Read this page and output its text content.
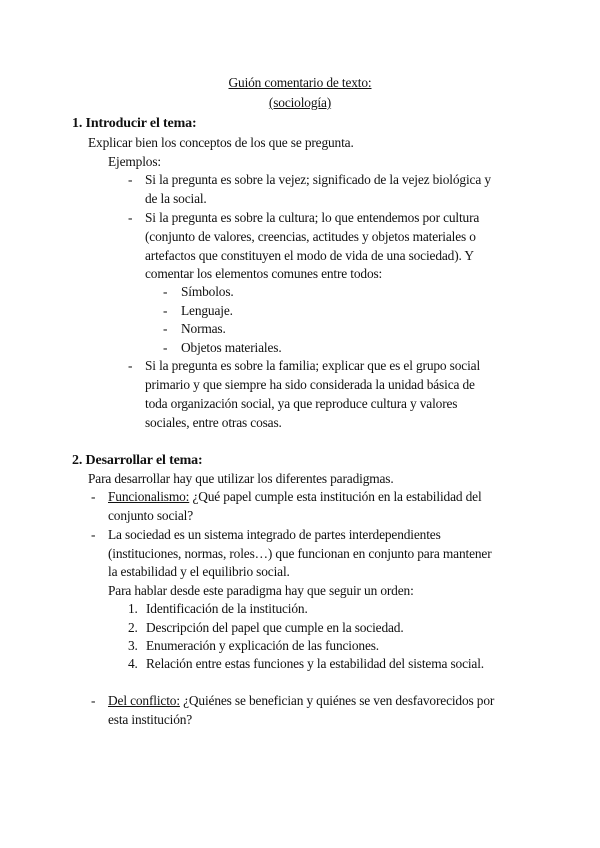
Guión comentario de texto:
(sociología)
1. Introducir el tema:
Explicar bien los conceptos de los que se pregunta.
Ejemplos:
- Si la pregunta es sobre la vejez; significado de la vejez biológica y
de la social.
- Si la pregunta es sobre la cultura; lo que entendemos por cultura
(conjunto de valores, creencias, actitudes y objetos materiales o
artefactos que constituyen el modo de vida de una sociedad). Y
comentar los elementos comunes entre todos:
- Símbolos.
- Lenguaje.
- Normas.
- Objetos materiales.
- Si la pregunta es sobre la familia; explicar que es el grupo social
primario y que siempre ha sido considerada la unidad básica de
toda organización social, ya que reproduce cultura y valores
sociales, entre otras cosas.
2. Desarrollar el tema:
Para desarrollar hay que utilizar los diferentes paradigmas.
- Funcionalismo: ¿Qué papel cumple esta institución en la estabilidad del
conjunto social?
- La sociedad es un sistema integrado de partes interdependientes
(instituciones, normas, roles…) que funcionan en conjunto para mantener
la estabilidad y el equilibrio social.
Para hablar desde este paradigma hay que seguir un orden:
1. Identificación de la institución.
2. Descripción del papel que cumple en la sociedad.
3. Enumeración y explicación de las funciones.
4. Relación entre estas funciones y la estabilidad del sistema social.
- Del conflicto: ¿Quiénes se benefician y quiénes se ven desfavorecidos por
esta institución?
